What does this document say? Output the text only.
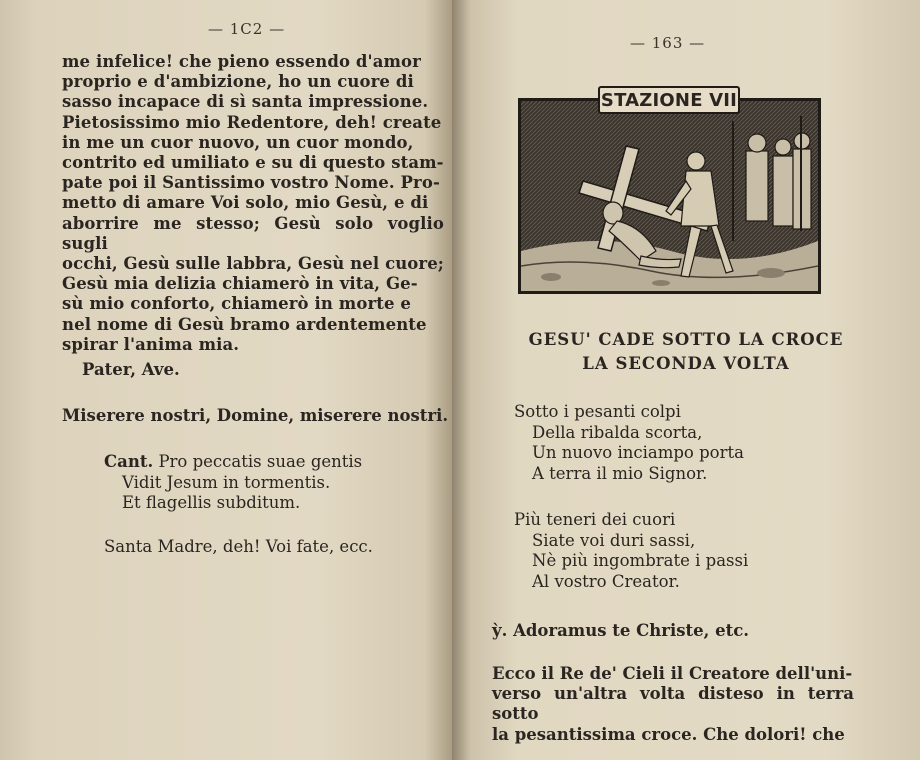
— 1C2 —

me infelice! che pieno essendo d'amor

proprio e d'ambizione, ho un cuore di

sasso incapace di sì santa impressione.

Pietosissimo mio Redentore, deh! create

in me un cuor nuovo, un cuor mondo,

contrito ed umiliato e su di questo stam-

pate poi il Santissimo vostro Nome. Pro-

metto di amare Voi solo, mio Gesù, e di

aborrire me stesso; Gesù solo voglio sugli

occhi, Gesù sulle labbra, Gesù nel cuore;

Gesù mia delizia chiamerò in vita, Ge-

sù mio conforto, chiamerò in morte e

nel nome di Gesù bramo ardentemente

spirar l'anima mia.

Pater, Ave.
Miserere nostri, Domine, miserere nostri.
Cant. Pro peccatis suae gentis
Vidit Jesum in tormentis.
Et flagellis subditum.
Santa Madre, deh! Voi fate, ecc.
— 163 —
STAZIONE VII
GESU' CADE SOTTO LA CROCE
LA SECONDA VOLTA
Sotto i pesanti colpi
Della ribalda scorta,
Un nuovo inciampo porta
A terra il mio Signor.
Più teneri dei cuori
Siate voi duri sassi,
Nè più ingombrate i passi
Al vostro Creator.
ỳ. Adoramus te Christe, etc.
Ecco il Re de' Cieli il Creatore dell'uni-
verso un'altra volta disteso in terra sotto
la pesantissima croce. Che dolori! che
